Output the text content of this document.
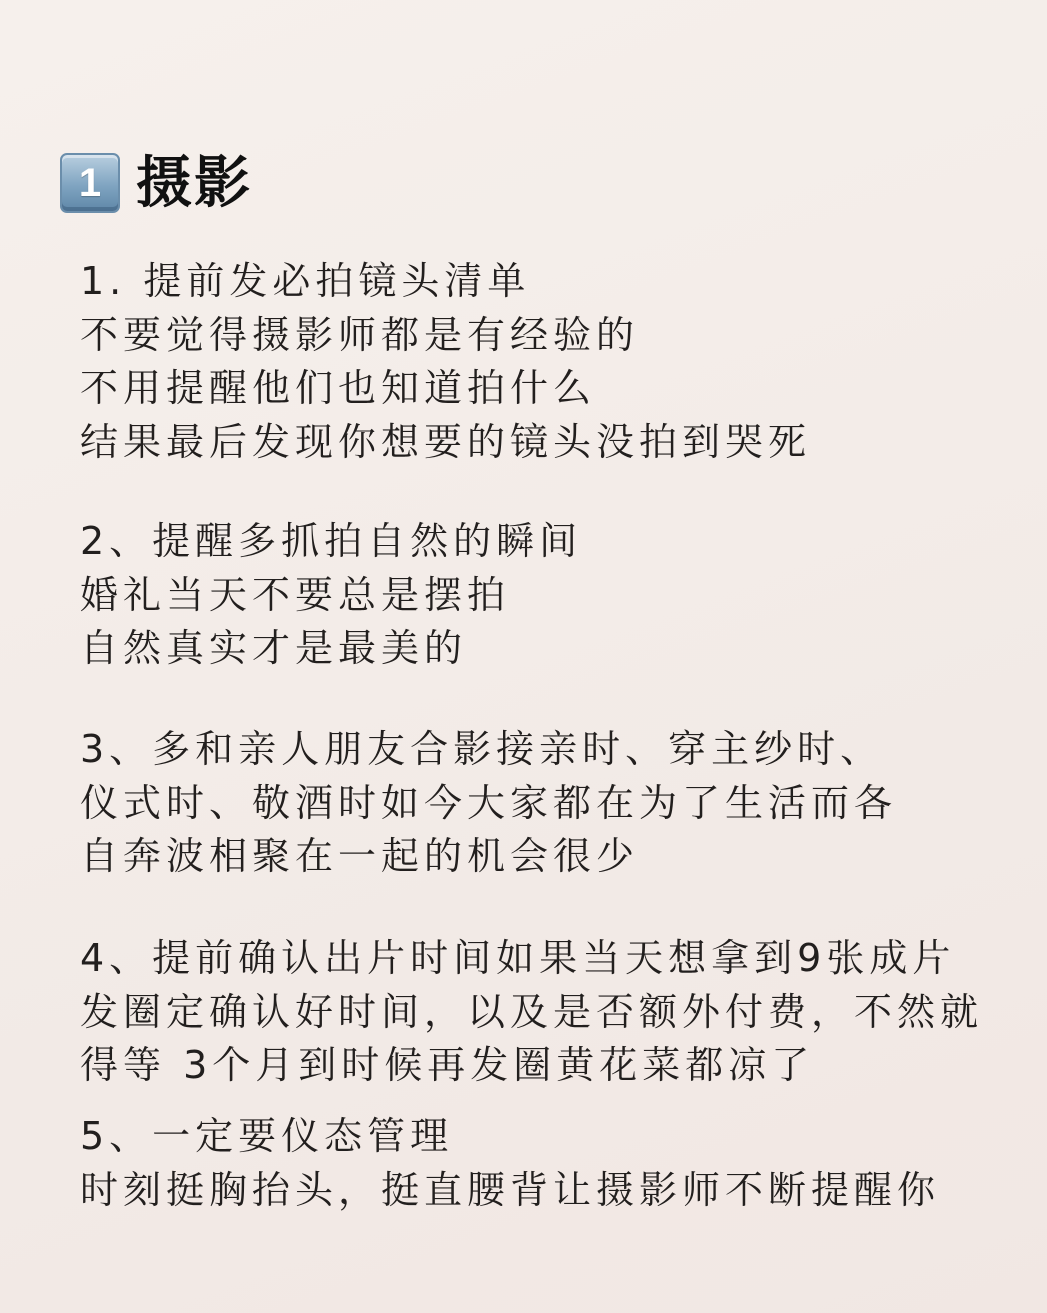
1 摄影
1. 提前发必拍镜头清单
不要觉得摄影师都是有经验的
不用提醒他们也知道拍什么
结果最后发现你想要的镜头没拍到哭死
2、提醒多抓拍自然的瞬间
婚礼当天不要总是摆拍
自然真实才是最美的
3、多和亲人朋友合影接亲时、穿主纱时、
仪式时、敬酒时如今大家都在为了生活而各
自奔波相聚在一起的机会很少
4、提前确认出片时间如果当天想拿到9张成片
发圈定确认好时间，以及是否额外付费，不然就
得等 3个月到时候再发圈黄花菜都凉了
5、一定要仪态管理
时刻挺胸抬头，挺直腰背让摄影师不断提醒你
